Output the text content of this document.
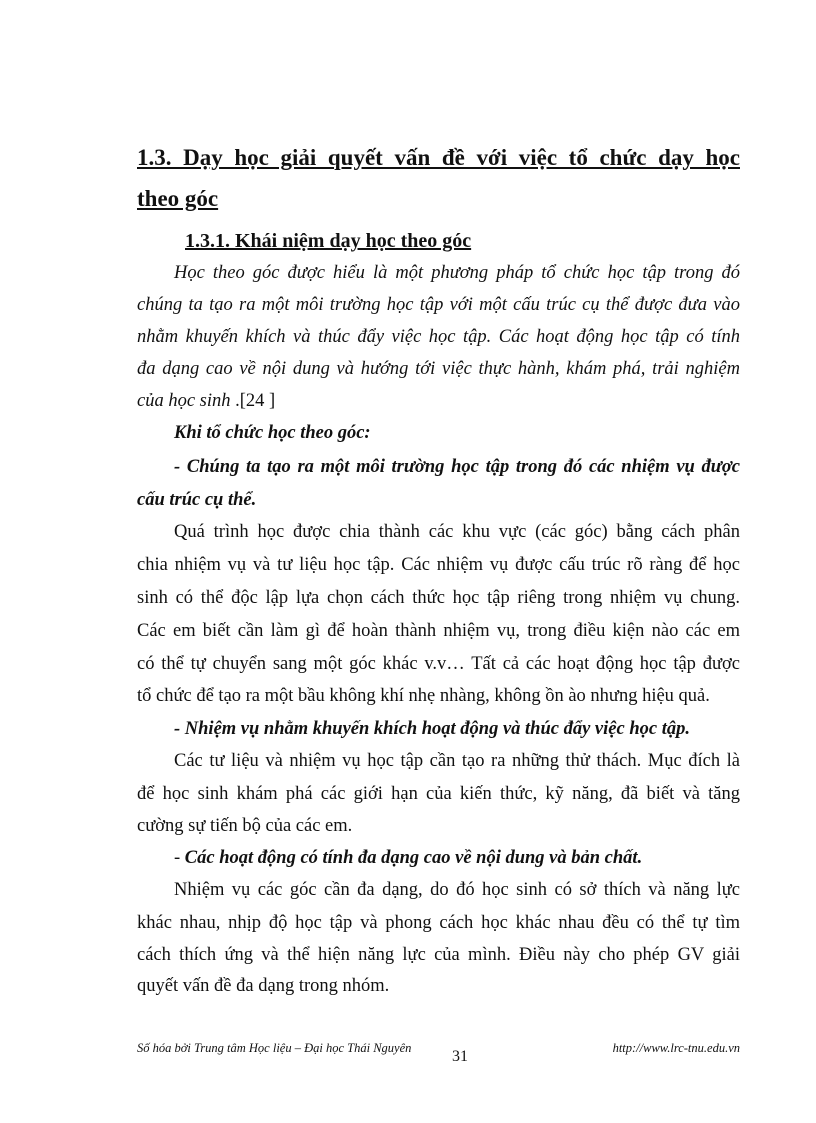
1.3. Dạy học giải quyết vấn đề với việc tổ chức dạy học
theo góc
1.3.1. Khái niệm dạy học theo góc
Học theo góc được hiểu là một phương pháp tổ chức học tập trong đó
chúng ta tạo ra một môi trường học tập với một cấu trúc cụ thể được đưa vào
nhằm khuyến khích và thúc đẩy việc học tập. Các hoạt động học tập có tính
đa dạng cao về nội dung và hướng tới việc thực hành, khám phá, trải nghiệm
của học sinh .[24 ]
Khi tổ chức học theo góc:
- Chúng ta tạo ra một môi trường học tập trong đó các nhiệm vụ được
cấu trúc cụ thể.
Quá trình học được chia thành các khu vực (các góc) bằng cách phân
chia nhiệm vụ và tư liệu học tập. Các nhiệm vụ được cấu trúc rõ ràng để học
sinh có thể độc lập lựa chọn cách thức học tập riêng trong nhiệm vụ chung.
Các em biết cần làm gì để hoàn thành nhiệm vụ, trong điều kiện nào các em
có thể tự chuyển sang một góc khác v.v… Tất cả các hoạt động học tập được
tổ chức để tạo ra một bầu không khí nhẹ nhàng, không ồn ào nhưng hiệu quả.
- Nhiệm vụ nhằm khuyến khích hoạt động và thúc đẩy việc học tập.
Các tư liệu và nhiệm vụ học tập cần tạo ra những thử thách. Mục đích là
để học sinh khám phá các giới hạn của kiến thức, kỹ năng, đã biết và tăng
cường sự tiến bộ của các em.
- Các hoạt động có tính đa dạng cao về nội dung và bản chất.
Nhiệm vụ các góc cần đa dạng, do đó học sinh có sở thích và năng lực
khác nhau, nhịp độ học tập và phong cách học khác nhau đều có thể tự tìm
cách thích ứng và thể hiện năng lực của mình. Điều này cho phép GV giải
quyết vấn đề đa dạng trong nhóm.
Số hóa bởi Trung tâm Học liệu – Đại học Thái Nguyên	31	http://www.lrc-tnu.edu.vn
